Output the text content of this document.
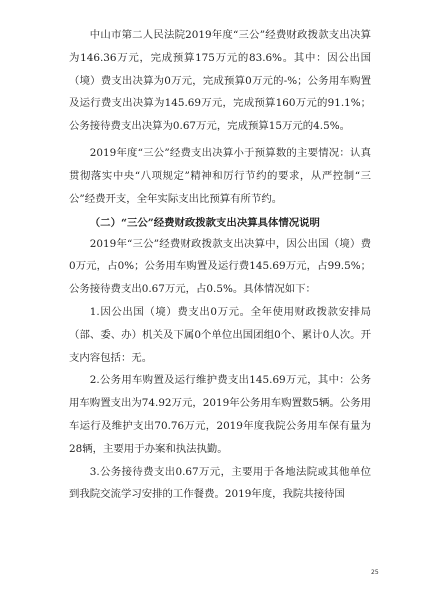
中山市第二人民法院2019年度“三公”经费财政拨款支出决算为146.36万元，完成预算175万元的83.6%。其中：因公出国（境）费支出决算为0万元，完成预算0万元的-%；公务用车购置及运行费支出决算为145.69万元，完成预算160万元的91.1%；公务接待费支出决算为0.67万元，完成预算15万元的4.5%。

2019年度“三公”经费支出决算小于预算数的主要情况：认真贯彻落实中央“八项规定”精神和厉行节约的要求，从严控制“三公”经费开支，全年实际支出比预算有所节约。

（二）“三公”经费财政拨款支出决算具体情况说明

2019年“三公”经费财政拨款支出决算中，因公出国（境）费0万元，占0%；公务用车购置及运行费145.69万元，占99.5%；公务接待费支出0.67万元，占0.5%。具体情况如下：

1.因公出国（境）费支出0万元。全年使用财政拨款安排局（部、委、办）机关及下属0个单位出国团组0个、累计0人次。开支内容包括：无。

2.公务用车购置及运行维护费支出145.69万元，其中：公务用车购置支出为74.92万元，2019年公务用车购置数5辆。公务用车运行及维护支出70.76万元，2019年度我院公务用车保有量为28辆，主要用于办案和执法执勤。

3.公务接待费支出0.67万元，主要用于各地法院或其他单位到我院交流学习安排的工作餐费。2019年度，我院共接待国

25
